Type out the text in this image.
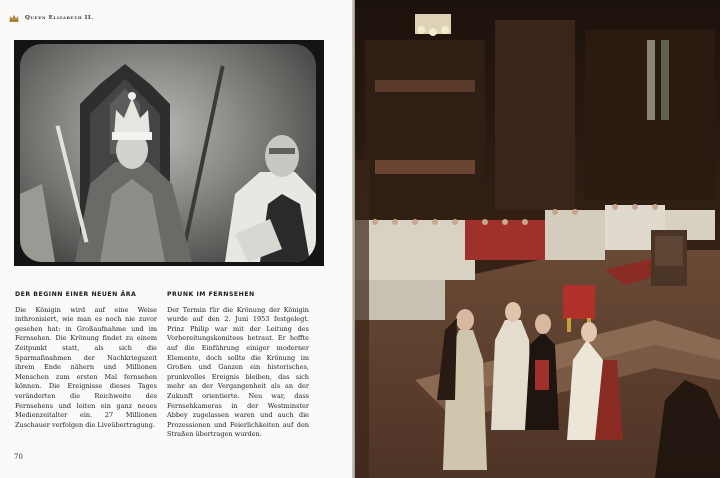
Queen Elizabeth II.
DER BEGINN EINER NEUEN ÄRA

Die Königin wird auf eine Weise inthronisiert, wie man es noch nie zuvor gesehen hat: in Großaufnahme und im Fernsehen. Die Krönung findet zu einem Zeitpunkt statt, als sich die Sparmaßnahmen der Nachkriegszeit ihrem Ende nähern und Millionen Menschen zum ersten Mal fernsehen können. Die Ereignisse dieses Tages veränderten die Reichweite des Fernsehens und leiten ein ganz neues Medienzeitalter ein. 27 Millionen Zuschauer verfolgen die Liveübertragung.

PRUNK IM FERNSEHEN

Der Termin für die Krönung der Königin wurde auf den 2. Juni 1953 festgelegt. Prinz Philip war mit der Leitung des Vorbereitungskomitees betraut. Er hoffte auf die Einführung einiger moderner Elemente, doch sollte die Krönung im Großen und Ganzen ein historisches, prunkvolles Ereignis bleiben, das sich mehr an der Vergangenheit als an der Zukunft orientierte. Neu war, dass Fernsehkameras in der Westminster Abbey zugelassen waren und auch die Prozessionen und Feierlichkeiten auf den Straßen übertragen wurden.

70
